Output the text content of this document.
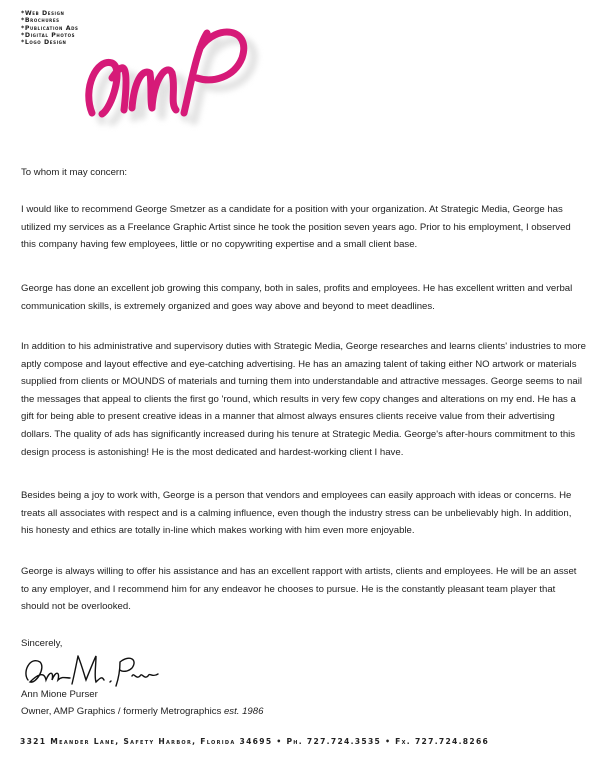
*Web Design
*Brochures
*Publication Ads
*Digital Photos
*Logo Design
To whom it may concern:

I would like to recommend George Smetzer as a candidate for a position with your organization. At Strategic Media, George has utilized my services as a Freelance Graphic Artist since he took the position seven years ago. Prior to his employment, I observed this company having few employees, little or no copywriting expertise and a small client base.

George has done an excellent job growing this company, both in sales, profits and employees. He has excellent written and verbal communication skills, is extremely organized and goes way above and beyond to meet deadlines.

In addition to his administrative and supervisory duties with Strategic Media, George researches and learns clients' industries to more aptly compose and layout effective and eye-catching advertising. He has an amazing talent of taking either NO artwork or materials supplied from clients or MOUNDS of materials and turning them into understandable and attractive messages. George seems to nail the messages that appeal to clients the first go 'round, which results in very few copy changes and alterations on my end. He has a gift for being able to present creative ideas in a manner that almost always ensures clients receive value from their advertising dollars. The quality of ads has significantly increased during his tenure at Strategic Media. George's after-hours commitment to this design process is astonishing! He is the most dedicated and hardest-working client I have.

Besides being a joy to work with, George is a person that vendors and employees can easily approach with ideas or concerns. He treats all associates with respect and is a calming influence, even though the industry stress can be unbelievably high. In addition, his honesty and ethics are totally in-line which makes working with him even more enjoyable.

George is always willing to offer his assistance and has an excellent rapport with artists, clients and employees. He will be an asset to any employer, and I recommend him for any endeavor he chooses to pursue. He is the constantly pleasant team player that should not be overlooked.

Sincerely,
Ann Mione Purser
Owner, AMP Graphics / formerly Metrographics est. 1986
3321 Meander Lane, Safety Harbor, Florida 34695 • Ph. 727.724.3535 • Fx. 727.724.8266
